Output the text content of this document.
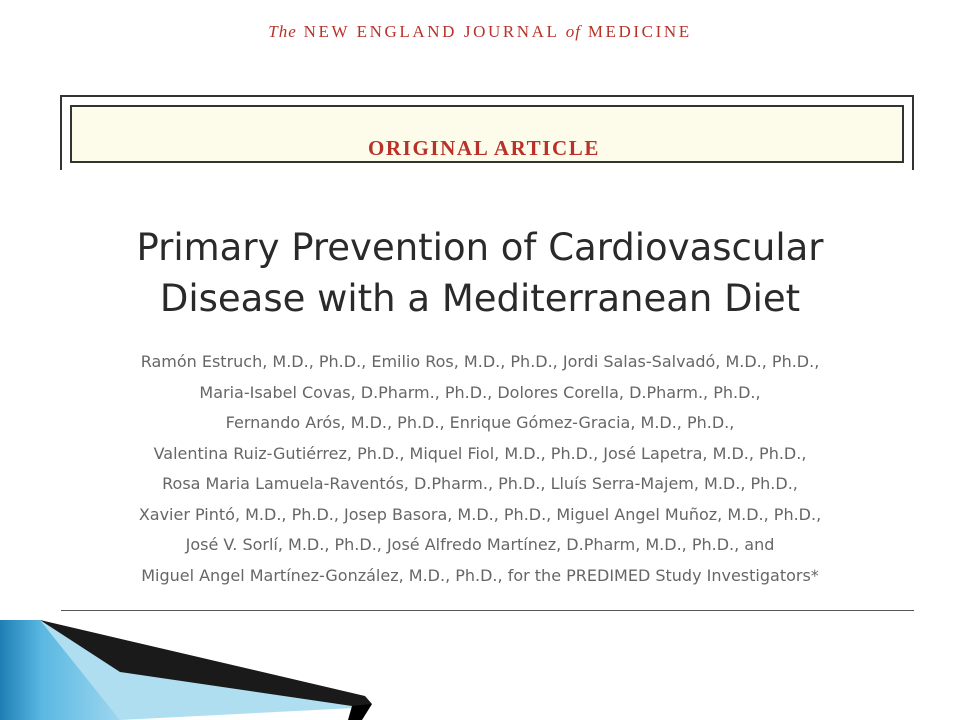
The NEW ENGLAND JOURNAL of MEDICINE
ORIGINAL ARTICLE
Primary Prevention of Cardiovascular
Disease with a Mediterranean Diet
Ramón Estruch, M.D., Ph.D., Emilio Ros, M.D., Ph.D., Jordi Salas-Salvadó, M.D., Ph.D.,
Maria-Isabel Covas, D.Pharm., Ph.D., Dolores Corella, D.Pharm., Ph.D.,
Fernando Arós, M.D., Ph.D., Enrique Gómez-Gracia, M.D., Ph.D.,
Valentina Ruiz-Gutiérrez, Ph.D., Miquel Fiol, M.D., Ph.D., José Lapetra, M.D., Ph.D.,
Rosa Maria Lamuela-Raventós, D.Pharm., Ph.D., Lluís Serra-Majem, M.D., Ph.D.,
Xavier Pintó, M.D., Ph.D., Josep Basora, M.D., Ph.D., Miguel Angel Muñoz, M.D., Ph.D.,
José V. Sorlí, M.D., Ph.D., José Alfredo Martínez, D.Pharm, M.D., Ph.D., and
Miguel Angel Martínez-González, M.D., Ph.D., for the PREDIMED Study Investigators*
